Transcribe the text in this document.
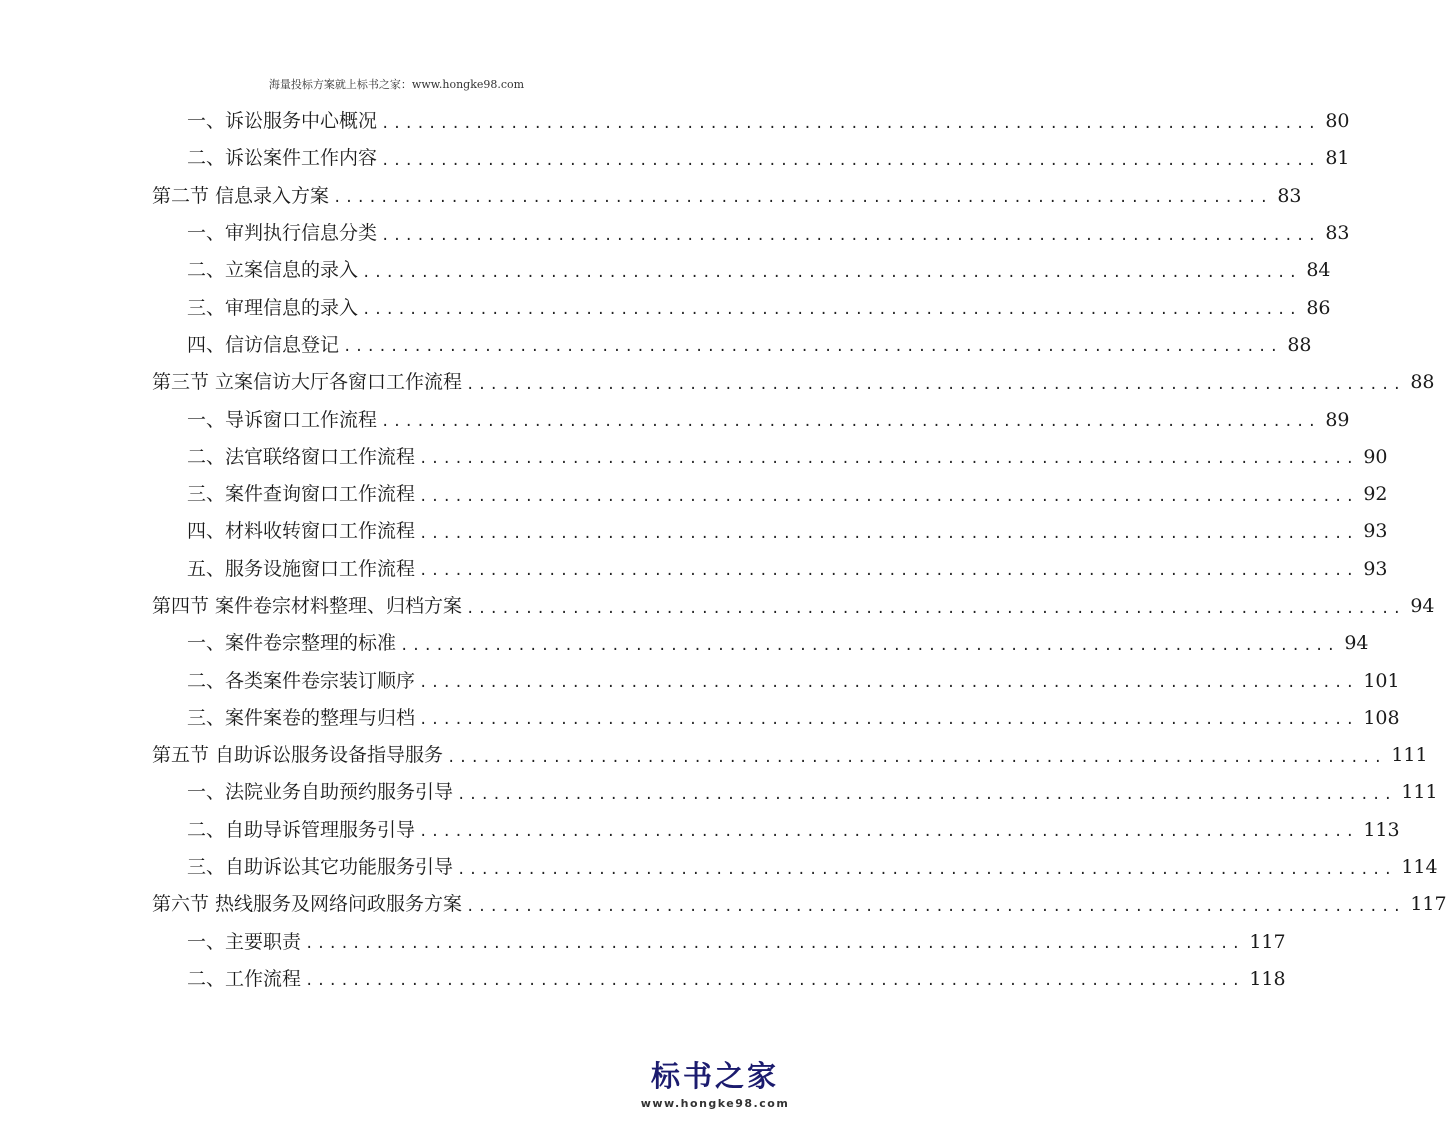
海量投标方案就上标书之家：www.hongke98.com
一、诉讼服务中心概况 ................................................................................ 80
二、诉讼案件工作内容 ................................................................................ 81
第二节 信息录入方案 ................................................................................ 83
一、审判执行信息分类 ................................................................................ 83
二、立案信息的录入 ................................................................................ 84
三、审理信息的录入 ................................................................................ 86
四、信访信息登记 ................................................................................ 88
第三节 立案信访大厅各窗口工作流程 ................................................................................ 88
一、导诉窗口工作流程 ................................................................................ 89
二、法官联络窗口工作流程 ................................................................................ 90
三、案件查询窗口工作流程 ................................................................................ 92
四、材料收转窗口工作流程 ................................................................................ 93
五、服务设施窗口工作流程 ................................................................................ 93
第四节 案件卷宗材料整理、归档方案 ................................................................................ 94
一、案件卷宗整理的标准 ................................................................................ 94
二、各类案件卷宗装订顺序 ................................................................................ 101
三、案件案卷的整理与归档 ................................................................................ 108
第五节 自助诉讼服务设备指导服务 ................................................................................ 111
一、法院业务自助预约服务引导 ................................................................................ 111
二、自助导诉管理服务引导 ................................................................................ 113
三、自助诉讼其它功能服务引导 ................................................................................ 114
第六节 热线服务及网络问政服务方案 ................................................................................ 117
一、主要职责 ................................................................................ 117
二、工作流程 ................................................................................ 118
标书之家
www.hongke98.com
